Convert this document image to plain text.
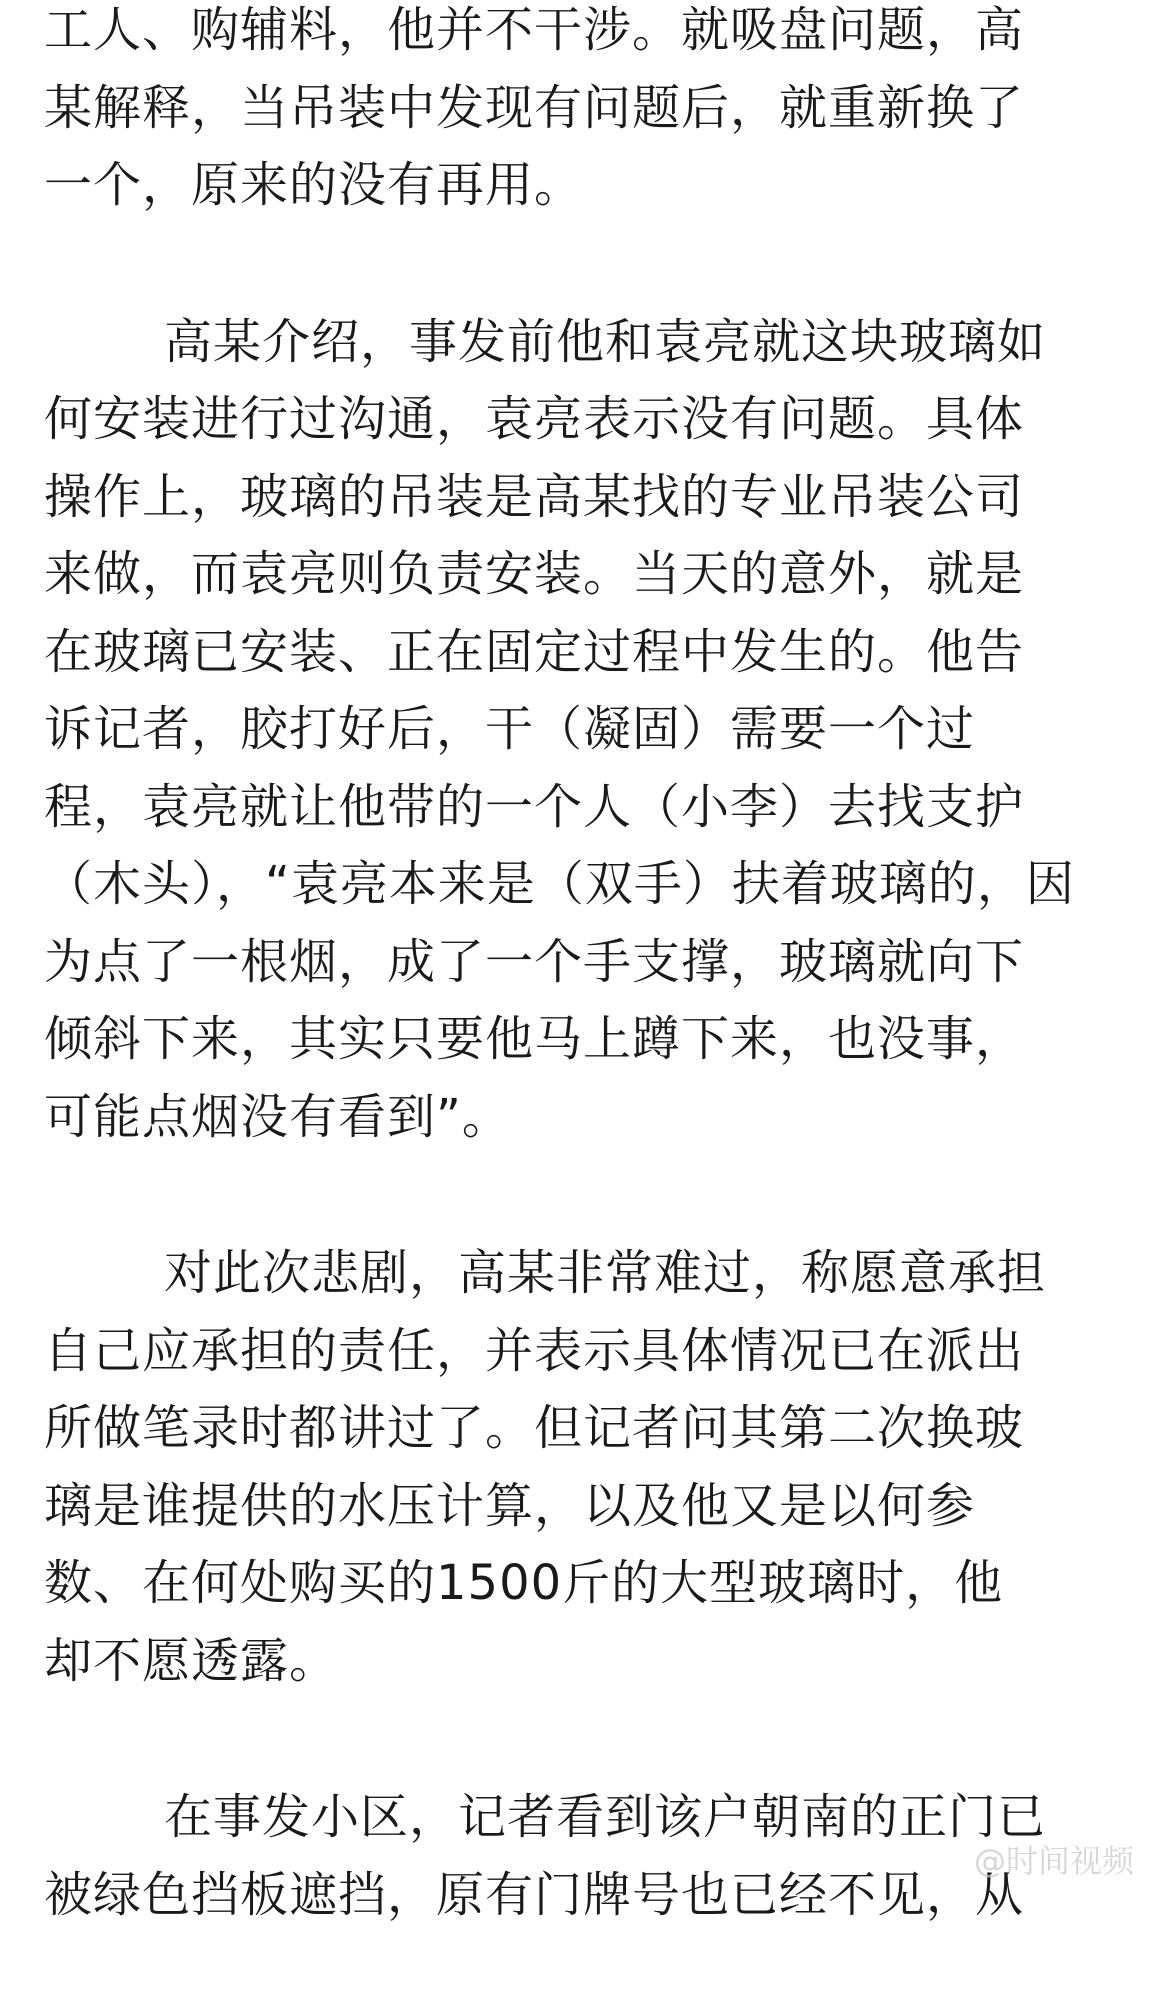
工人、购辅料，他并不干涉。就吸盘问题，高
某解释，当吊装中发现有问题后，就重新换了
一个，原来的没有再用。

高某介绍，事发前他和袁亮就这块玻璃如
何安装进行过沟通，袁亮表示没有问题。具体
操作上，玻璃的吊装是高某找的专业吊装公司
来做，而袁亮则负责安装。当天的意外，就是
在玻璃已安装、正在固定过程中发生的。他告
诉记者，胶打好后，干（凝固）需要一个过
程，袁亮就让他带的一个人（小李）去找支护
（木头），“袁亮本来是（双手）扶着玻璃的，因
为点了一根烟，成了一个手支撑，玻璃就向下
倾斜下来，其实只要他马上蹲下来，也没事，
可能点烟没有看到”。

对此次悲剧，高某非常难过，称愿意承担
自己应承担的责任，并表示具体情况已在派出
所做笔录时都讲过了。但记者问其第二次换玻
璃是谁提供的水压计算，以及他又是以何参
数、在何处购买的1500斤的大型玻璃时，他
却不愿透露。

在事发小区，记者看到该户朝南的正门已
被绿色挡板遮挡，原有门牌号也已经不见，从

@时间视频
